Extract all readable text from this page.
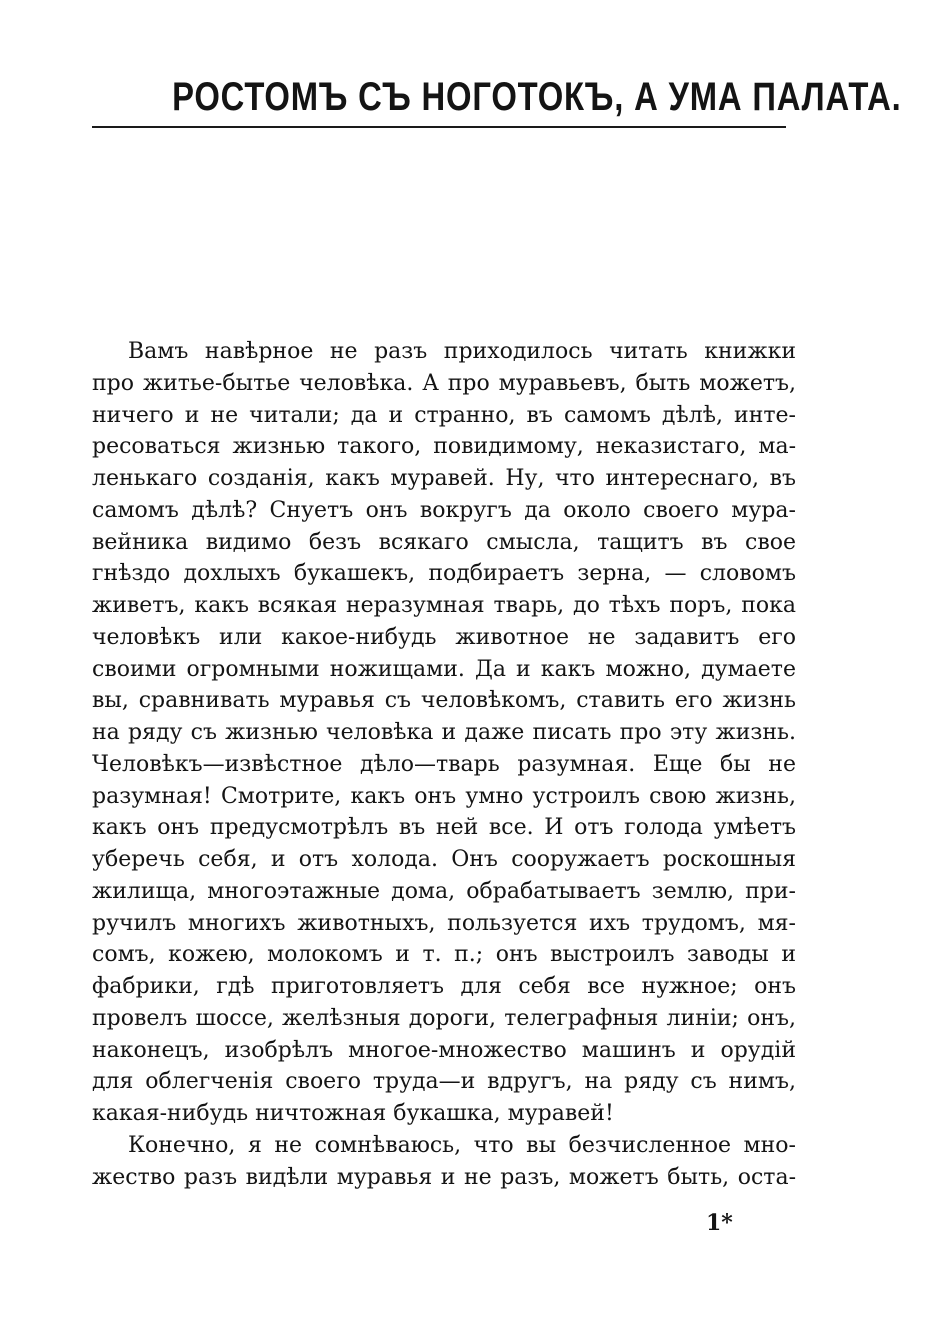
РОСТОМЪ СЪ НОГОТОКЪ, А УМА ПАЛАТА.
Вамъ навѣрное не разъ приходилось читать книжки
про житье-бытье человѣка. А про муравьевъ, быть можетъ,
ничего и не читали; да и странно, въ самомъ дѣлѣ, инте-
ресоваться жизнью такого, повидимому, неказистаго, ма-
ленькаго созданія, какъ муравей. Ну, что интереснаго, въ
самомъ дѣлѣ? Снуетъ онъ вокругъ да около своего мура-
вейника видимо безъ всякаго смысла, тащитъ въ свое
гнѣздо дохлыхъ букашекъ, подбираетъ зерна, — словомъ
живетъ, какъ всякая неразумная тварь, до тѣхъ поръ, пока
человѣкъ или какое-нибудь животное не задавитъ его
своими огромными ножищами. Да и какъ можно, думаете
вы, сравнивать муравья съ человѣкомъ, ставить его жизнь
на ряду съ жизнью человѣка и даже писать про эту жизнь.
Человѣкъ—извѣстное дѣло—тварь разумная. Еще бы не
разумная! Смотрите, какъ онъ умно устроилъ свою жизнь,
какъ онъ предусмотрѣлъ въ ней все. И отъ голода умѣетъ
уберечь себя, и отъ холода. Онъ сооружаетъ роскошныя
жилища, многоэтажные дома, обрабатываетъ землю, при-
ручилъ многихъ животныхъ, пользуется ихъ трудомъ, мя-
сомъ, кожею, молокомъ и т. п.; онъ выстроилъ заводы и
фабрики, гдѣ приготовляетъ для себя все нужное; онъ
провелъ шоссе, желѣзныя дороги, телеграфныя линіи; онъ,
наконецъ, изобрѣлъ многое-множество машинъ и орудій
для облегченія своего труда—и вдругъ, на ряду съ нимъ,
какая-нибудь ничтожная букашка, муравей!
Конечно, я не сомнѣваюсь, что вы безчисленное мно-
жество разъ видѣли муравья и не разъ, можетъ быть, оста-
1*
